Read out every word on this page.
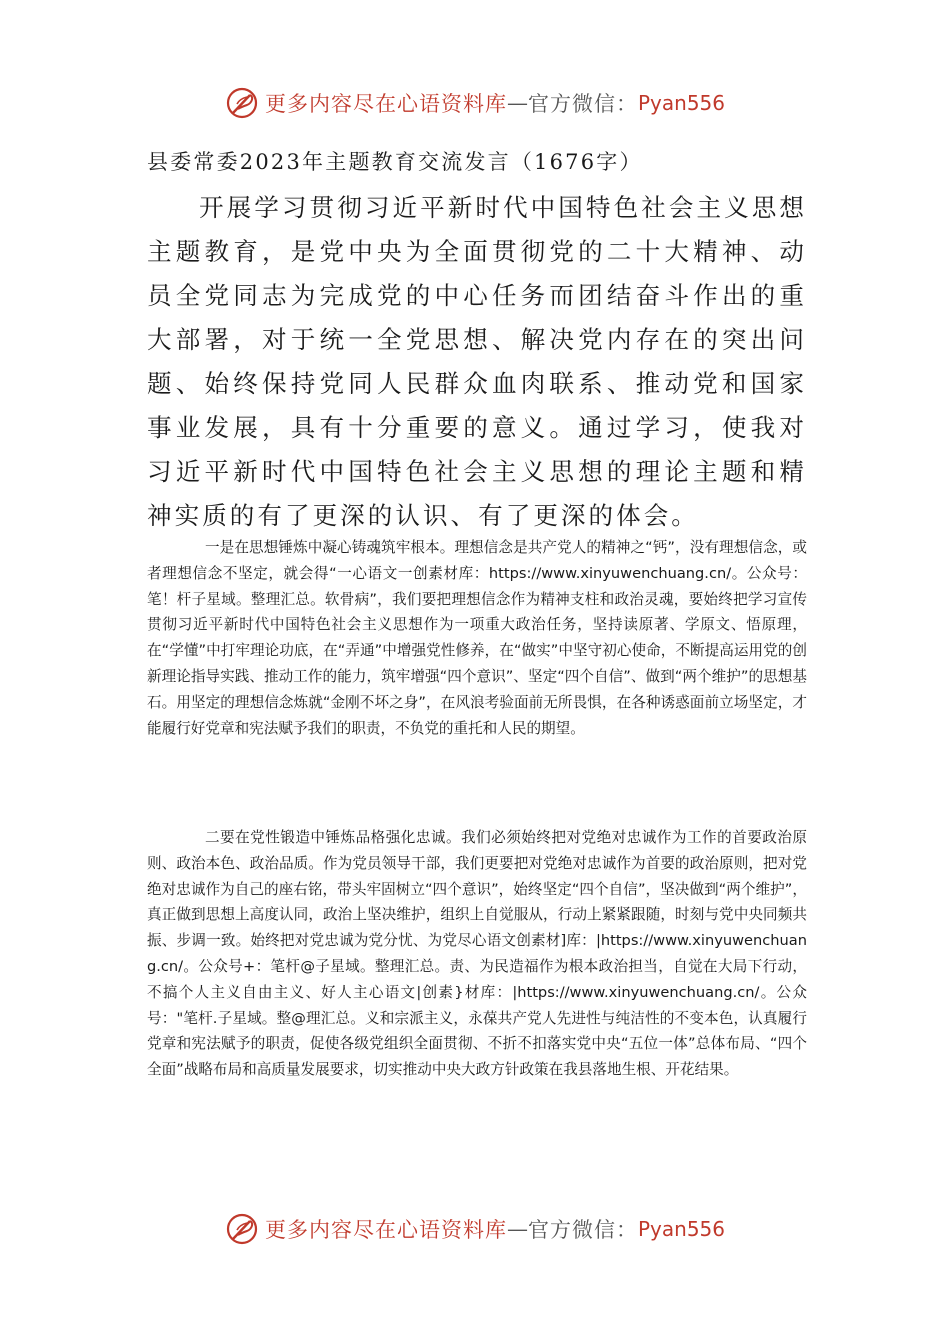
更多内容尽在心语资料库 — 官方微信： Pyan556
县委常委2023年主题教育交流发言（1676字）

开展学习贯彻习近平新时代中国特色社会主义思想主题教育，是党中央为全面贯彻党的二十大精神、动员全党同志为完成党的中心任务而团结奋斗作出的重大部署，对于统一全党思想、解决党内存在的突出问题、始终保持党同人民群众血肉联系、推动党和国家事业发展，具有十分重要的意义。通过学习，使我对习近平新时代中国特色社会主义思想的理论主题和精神实质的有了更深的认识、有了更深的体会。

一是在思想锤炼中凝心铸魂筑牢根本。理想信念是共产党人的精神之“钙”，没有理想信念，或者理想信念不坚定，就会得“一心语文一创素材库：https://www.xinyuwenchuang.cn/。公众号：笔！杆子星域。整理汇总。软骨病”，我们要把理想信念作为精神支柱和政治灵魂，要始终把学习宣传贯彻习近平新时代中国特色社会主义思想作为一项重大政治任务，坚持读原著、学原文、悟原理，在“学懂”中打牢理论功底，在“弄通”中增强党性修养，在“做实”中坚守初心使命，不断提高运用党的创新理论指导实践、推动工作的能力，筑牢增强“四个意识”、坚定“四个自信”、做到“两个维护”的思想基石。用坚定的理想信念炼就“金刚不坏之身”，在风浪考验面前无所畏惧，在各种诱惑面前立场坚定，才能履行好党章和宪法赋予我们的职责，不负党的重托和人民的期望。

二要在党性锻造中锤炼品格强化忠诚。我们必须始终把对党绝对忠诚作为工作的首要政治原则、政治本色、政治品质。作为党员领导干部，我们更要把对党绝对忠诚作为首要的政治原则，把对党绝对忠诚作为自己的座右铭，带头牢固树立“四个意识”，始终坚定“四个自信”，坚决做到“两个维护”，真正做到思想上高度认同，政治上坚决维护，组织上自觉服从，行动上紧紧跟随，时刻与党中央同频共振、步调一致。始终把对党忠诚为党分忧、为党尽心语文创素材]库：|https://www.xinyuwenchuang.cn/。公众号+：笔杆@子星域。整理汇总。责、为民造福作为根本政治担当，自觉在大局下行动，不搞个人主义自由主义、好人主心语文|创素}材库：|https://www.xinyuwenchuang.cn/。公众号："笔杆.子星域。整@理汇总。义和宗派主义，永葆共产党人先进性与纯洁性的不变本色，认真履行党章和宪法赋予的职责，促使各级党组织全面贯彻、不折不扣落实党中央“五位一体”总体布局、“四个全面”战略布局和高质量发展要求，切实推动中央大政方针政策在我县落地生根、开花结果。

更多内容尽在心语资料库 — 官方微信： Pyan556
